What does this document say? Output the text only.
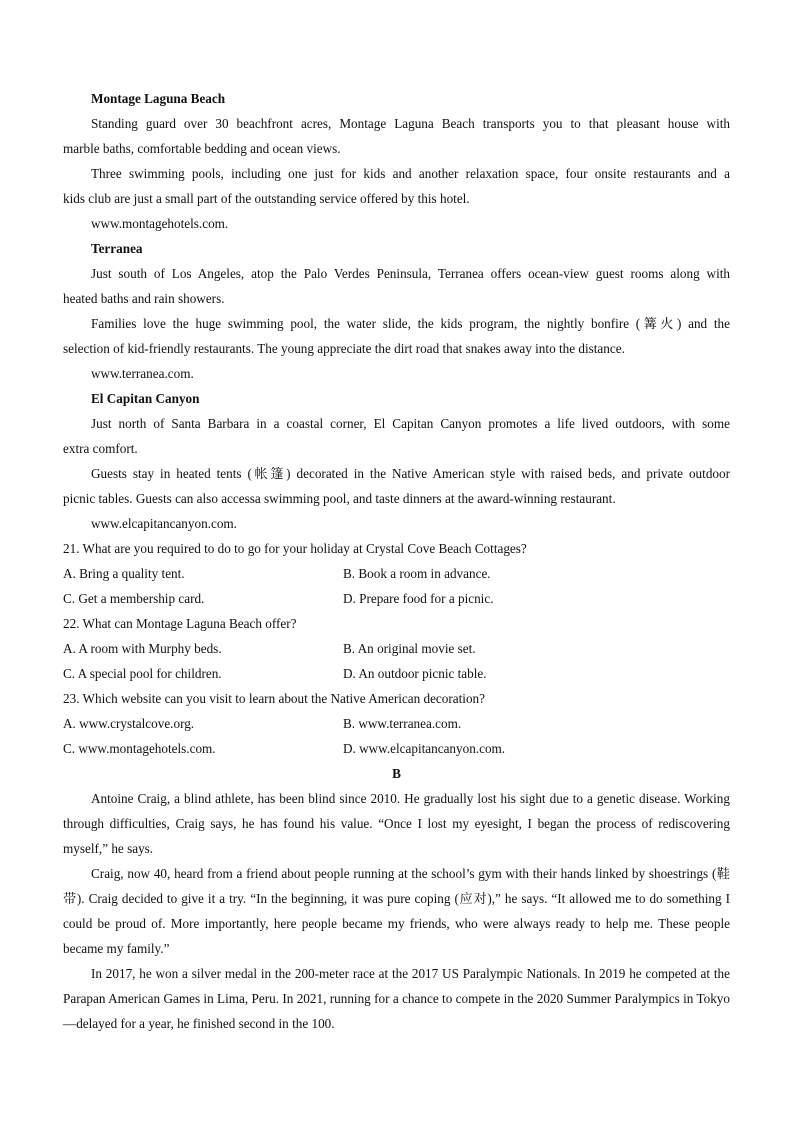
Montage Laguna Beach
Standing guard over 30 beachfront acres, Montage Laguna Beach transports you to that pleasant house with
marble baths, comfortable bedding and ocean views.
Three swimming pools, including one just for kids and another relaxation space, four onsite restaurants and a
kids club are just a small part of the outstanding service offered by this hotel.
www.montagehotels.com.
Terranea
Just south of Los Angeles, atop the Palo Verdes Peninsula, Terranea offers ocean-view guest rooms along with
heated baths and rain showers.
Families love the huge swimming pool, the water slide, the kids program, the nightly bonfire (篝火) and the
selection of kid-friendly restaurants. The young appreciate the dirt road that snakes away into the distance.
www.terranea.com.
El Capitan Canyon
Just north of Santa Barbara in a coastal corner, El Capitan Canyon promotes a life lived outdoors, with some
extra comfort.
Guests stay in heated tents (帐篷) decorated in the Native American style with raised beds, and private outdoor
picnic tables. Guests can also accessa swimming pool, and taste dinners at the award-winning restaurant.
www.elcapitancanyon.com.
21. What are you required to do to go for your holiday at Crystal Cove Beach Cottages?
A. Bring a quality tent.	B. Book a room in advance.
C. Get a membership card.	D. Prepare food for a picnic.
22. What can Montage Laguna Beach offer?
A. A room with Murphy beds.	B. An original movie set.
C. A special pool for children.	D. An outdoor picnic table.
23. Which website can you visit to learn about the Native American decoration?
A. www.crystalcove.org.	B. www.terranea.com.
C. www.montagehotels.com.	D. www.elcapitancanyon.com.
B
Antoine Craig, a blind athlete, has been blind since 2010. He gradually lost his sight due to a genetic disease. Working through difficulties, Craig says, he has found his value. “Once I lost my eyesight, I began the process of rediscovering myself,” he says.
Craig, now 40, heard from a friend about people running at the school’s gym with their hands linked by shoestrings (鞋带). Craig decided to give it a try. “In the beginning, it was pure coping (应对),” he says. “It allowed me to do something I could be proud of. More importantly, here people became my friends, who were always ready to help me. These people became my family.”
In 2017, he won a silver medal in the 200-meter race at the 2017 US Paralympic Nationals. In 2019 he competed at the Parapan American Games in Lima, Peru. In 2021, running for a chance to compete in the 2020 Summer Paralympics in Tokyo—delayed for a year, he finished second in the 100.
